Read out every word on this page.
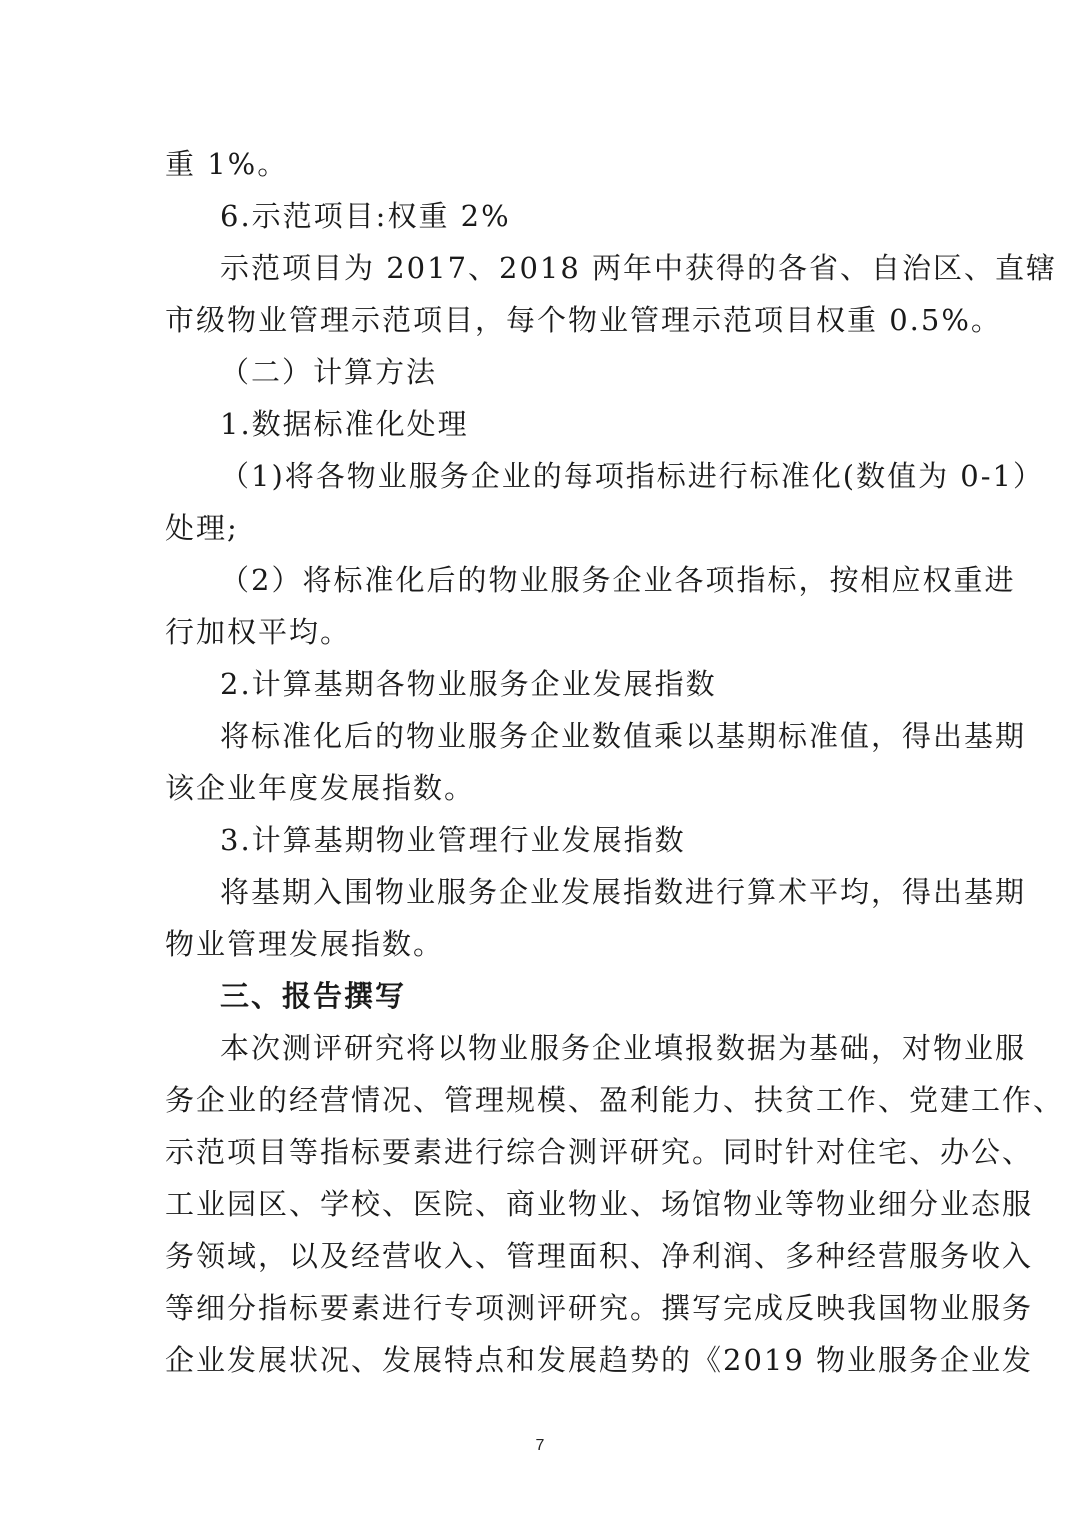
重 1%。
6.示范项目:权重 2%
示范项目为 2017、2018 两年中获得的各省、自治区、直辖
市级物业管理示范项目，每个物业管理示范项目权重 0.5%。
（二）计算方法
1.数据标准化处理
（1)将各物业服务企业的每项指标进行标准化(数值为 0-1）
处理;
（2）将标准化后的物业服务企业各项指标，按相应权重进
行加权平均。
2.计算基期各物业服务企业发展指数
将标准化后的物业服务企业数值乘以基期标准值，得出基期
该企业年度发展指数。
3.计算基期物业管理行业发展指数
将基期入围物业服务企业发展指数进行算术平均，得出基期
物业管理发展指数。
三、报告撰写
本次测评研究将以物业服务企业填报数据为基础，对物业服
务企业的经营情况、管理规模、盈利能力、扶贫工作、党建工作、
示范项目等指标要素进行综合测评研究。同时针对住宅、办公、
工业园区、学校、医院、商业物业、场馆物业等物业细分业态服
务领域，以及经营收入、管理面积、净利润、多种经营服务收入
等细分指标要素进行专项测评研究。撰写完成反映我国物业服务
企业发展状况、发展特点和发展趋势的《2019 物业服务企业发
7
